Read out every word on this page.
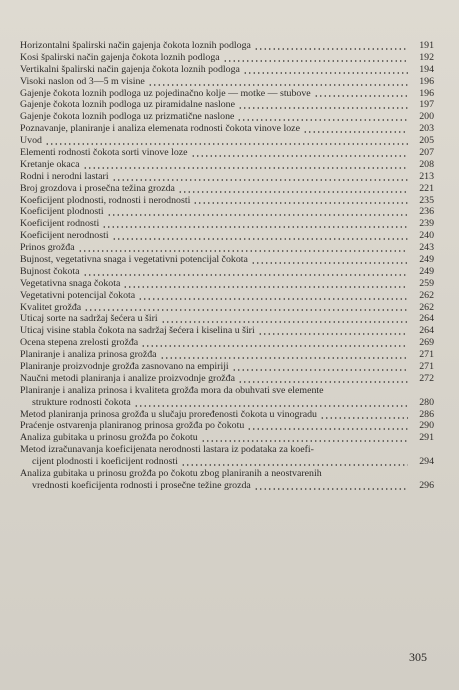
Horizontalni špalirski način gajenja čokota loznih podloga	191
Kosi špalirski način gajenja čokota loznih podloga	192
Vertikalni špalirski način gajenja čokota loznih podloga	194
Visoki naslon od 3—5 m visine	196
Gajenje čokota loznih podloga uz pojedinačno kolje — motke — stubove	196
Gajenje čokota loznih podloga uz piramidalne naslone	197
Gajenje čokota loznih podloga uz prizmatične naslone	200
Poznavanje, planiranje i analiza elemenata rodnosti čokota vinove loze	203
Uvod	205
Elementi rodnosti čokota sorti vinove loze	207
Kretanje okaca	208
Rodni i nerodni lastari	213
Broj grozdova i prosečna težina grozda	221
Koeficijent plodnosti, rodnosti i nerodnosti	235
Koeficijent plodnosti	236
Koeficijent rodnosti	239
Koeficijent nerodnosti	240
Prinos grožđa	243
Bujnost, vegetativna snaga i vegetativni potencijal čokota	249
Bujnost čokota	249
Vegetativna snaga čokota	259
Vegetativni potencijal čokota	262
Kvalitet grožđa	262
Uticaj sorte na sadržaj šećera u širi	264
Uticaj visine stabla čokota na sadržaj šećera i kiselina u širi	264
Ocena stepena zrelosti grožđa	269
Planiranje i analiza prinosa grožđa	271
Planiranje proizvodnje grožđa zasnovano na empiriji	271
Naučni metodi planiranja i analize proizvodnje grožđa	272
Planiranje i analiza prinosa i kvaliteta grožđa mora da obuhvati sve elemente
strukture rodnosti čokota	280
Metod planiranja prinosa grožđa u slučaju proređenosti čokota u vinogradu	286
Praćenje ostvarenja planiranog prinosa grožđa po čokotu	290
Analiza gubitaka u prinosu grožđa po čokotu	291
Metod izračunavanja koeficijenata nerodnosti lastara iz podataka za koefi-
cijent plodnosti i koeficijent rodnosti	294
Analiza gubitaka u prinosu grožđa po čokotu zbog planiranih a neostvarenih
vrednosti koeficijenta rodnosti i prosečne težine grozda	296
305
